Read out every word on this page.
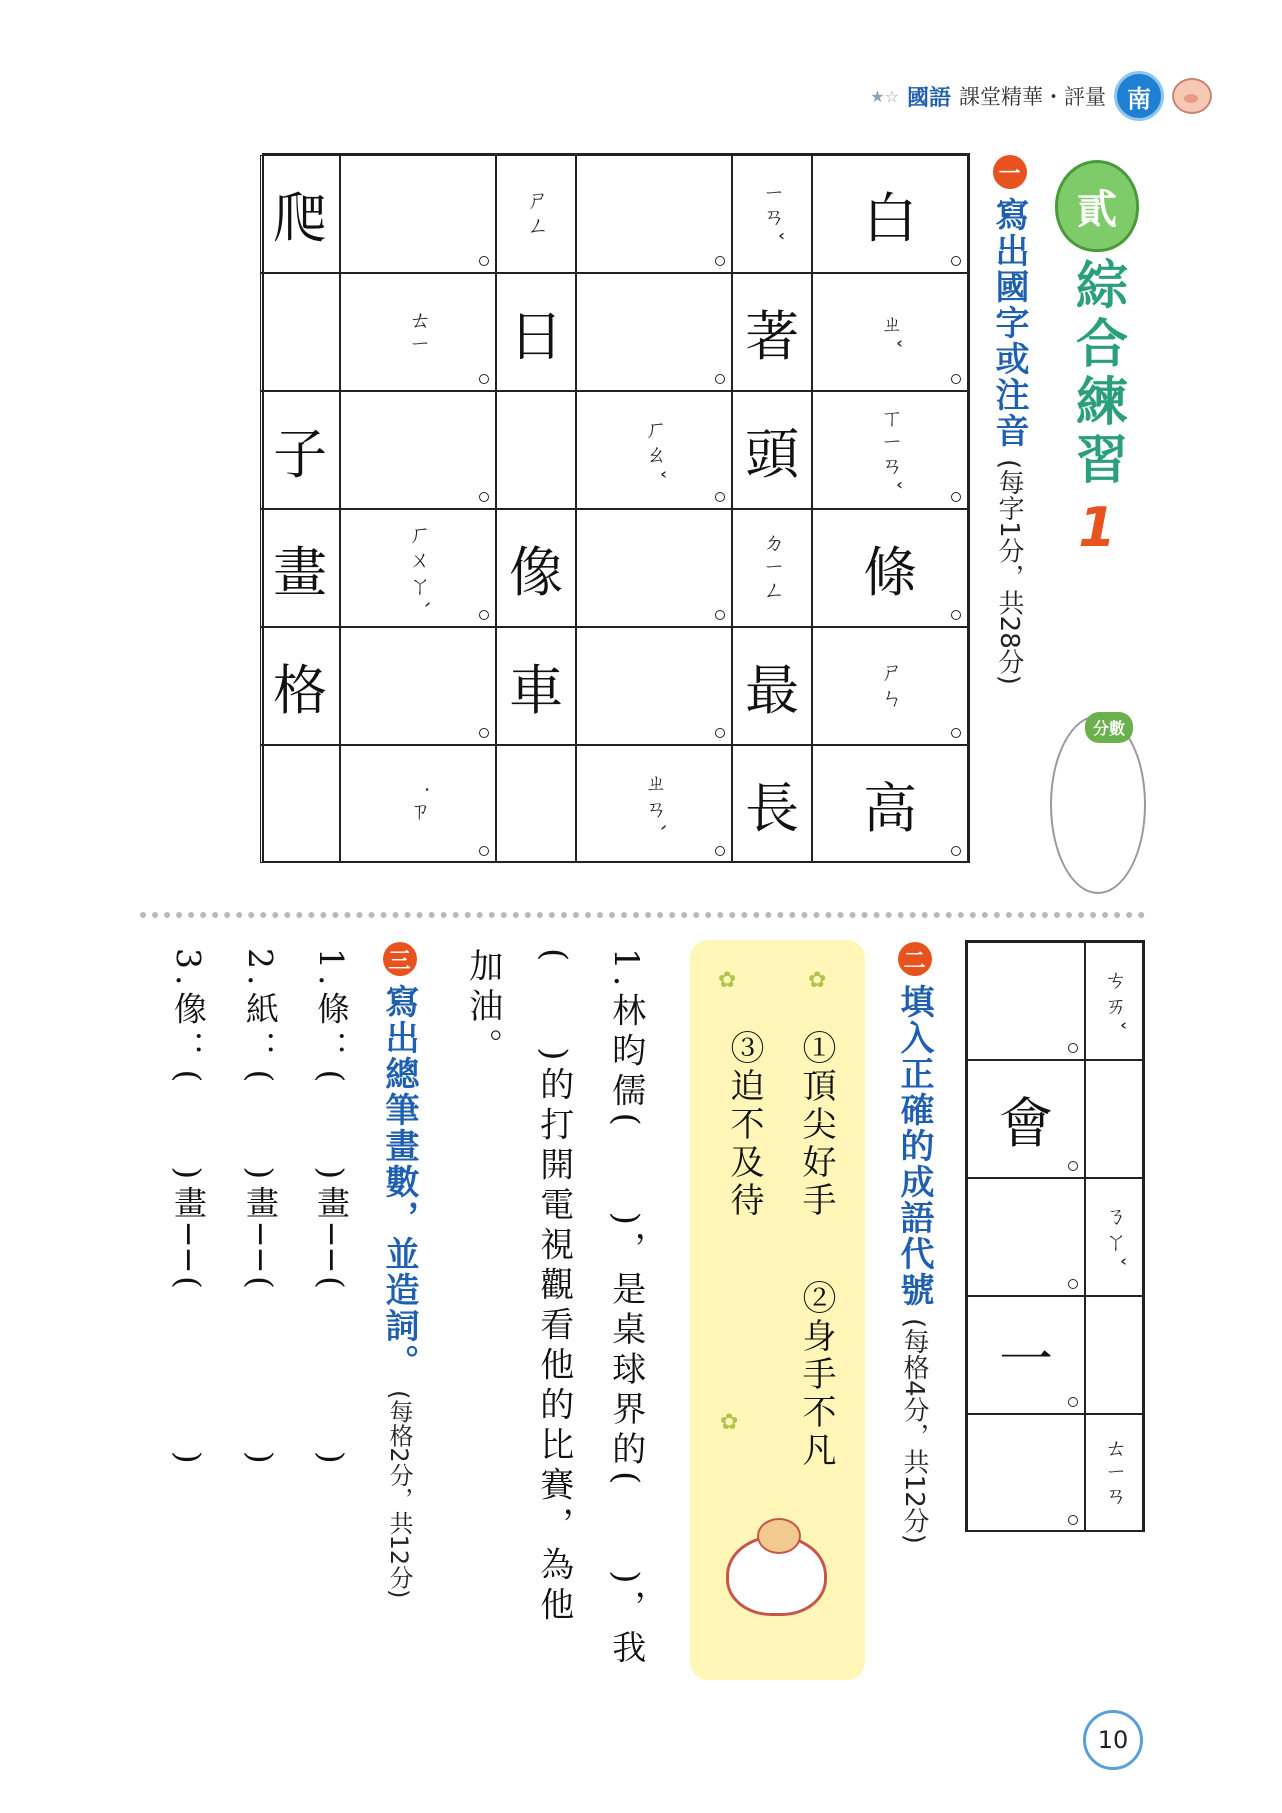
★☆ 國語 課堂精華・評量 南
白
ㄧㄢˇ
ㄕㄥ
爬
ㄓˇ
著
日
ㄊㄧ
ㄒㄧㄢˇ
頭
ㄏㄠˇ
子
條
ㄉㄧㄥ
像
ㄏㄨㄚˋ
畫
ㄕㄣ
最
車
格
高
長
ㄓㄢˋ
˙ㄗ
一
寫出國字或注音
(每字1分，共28分)
貳
綜合練習
1
分數
ㄘㄞˇ
會
ㄋㄚˇ
一
ㄊㄧㄢ
二
填入正確的成語代號
(每格4分，共12分)
✿	✿
✿
①頂尖好手
②身手不凡
③迫不及待
1.林昀儒(　　)，是桌球界的(　　)，我
(　　)的打開電視觀看他的比賽，為他
加油。
三
寫出總筆畫數，並造詞。
(每格2分，共12分)
1.條：(　　)畫──(　　　　)
2.紙：(　　)畫──(　　　　)
3.像：(　　)畫──(　　　　)
10
